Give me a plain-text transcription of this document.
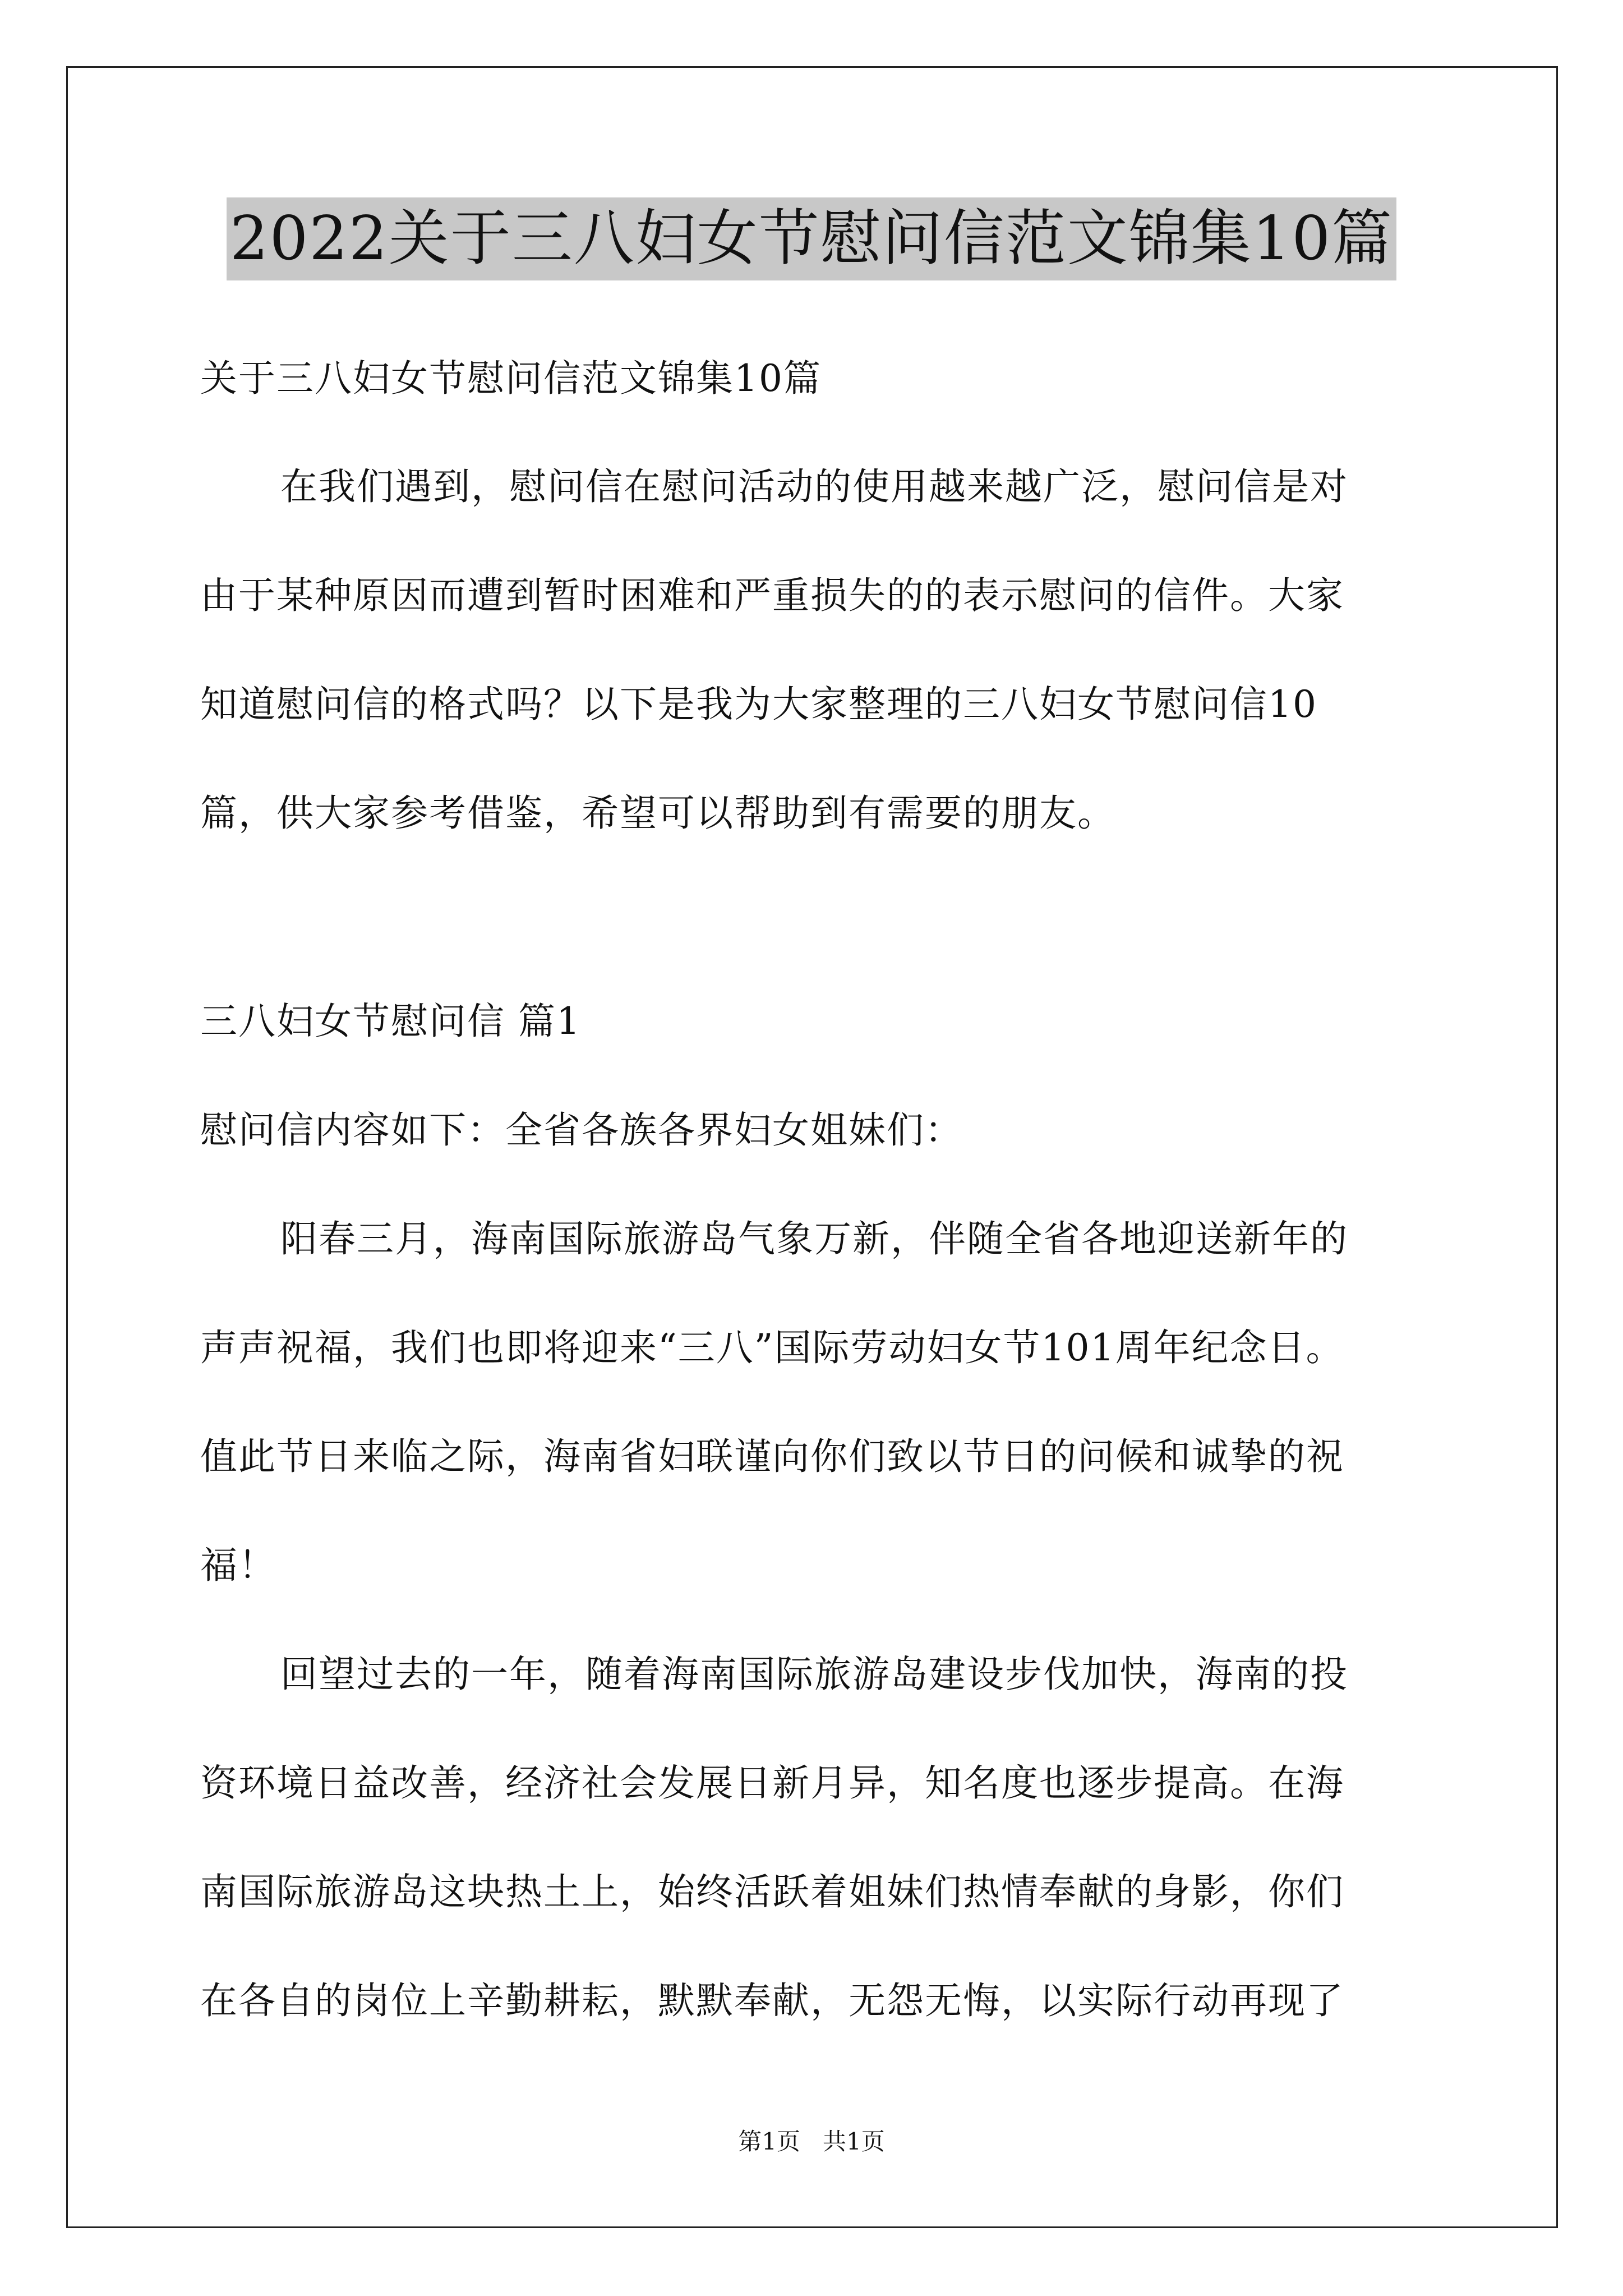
2022关于三八妇女节慰问信范文锦集10篇
关于三八妇女节慰问信范文锦集10篇
在我们遇到，慰问信在慰问活动的使用越来越广泛，慰问信是对
由于某种原因而遭到暂时困难和严重损失的的表示慰问的信件。大家
知道慰问信的格式吗？以下是我为大家整理的三八妇女节慰问信10
篇，供大家参考借鉴，希望可以帮助到有需要的朋友。
三八妇女节慰问信 篇1
慰问信内容如下：全省各族各界妇女姐妹们：
阳春三月，海南国际旅游岛气象万新，伴随全省各地迎送新年的
声声祝福，我们也即将迎来“三八”国际劳动妇女节101周年纪念日。
值此节日来临之际，海南省妇联谨向你们致以节日的问候和诚挚的祝
福！
回望过去的一年，随着海南国际旅游岛建设步伐加快，海南的投
资环境日益改善，经济社会发展日新月异，知名度也逐步提高。在海
南国际旅游岛这块热土上，始终活跃着姐妹们热情奉献的身影，你们
在各自的岗位上辛勤耕耘，默默奉献，无怨无悔，以实际行动再现了
第1页   共1页
